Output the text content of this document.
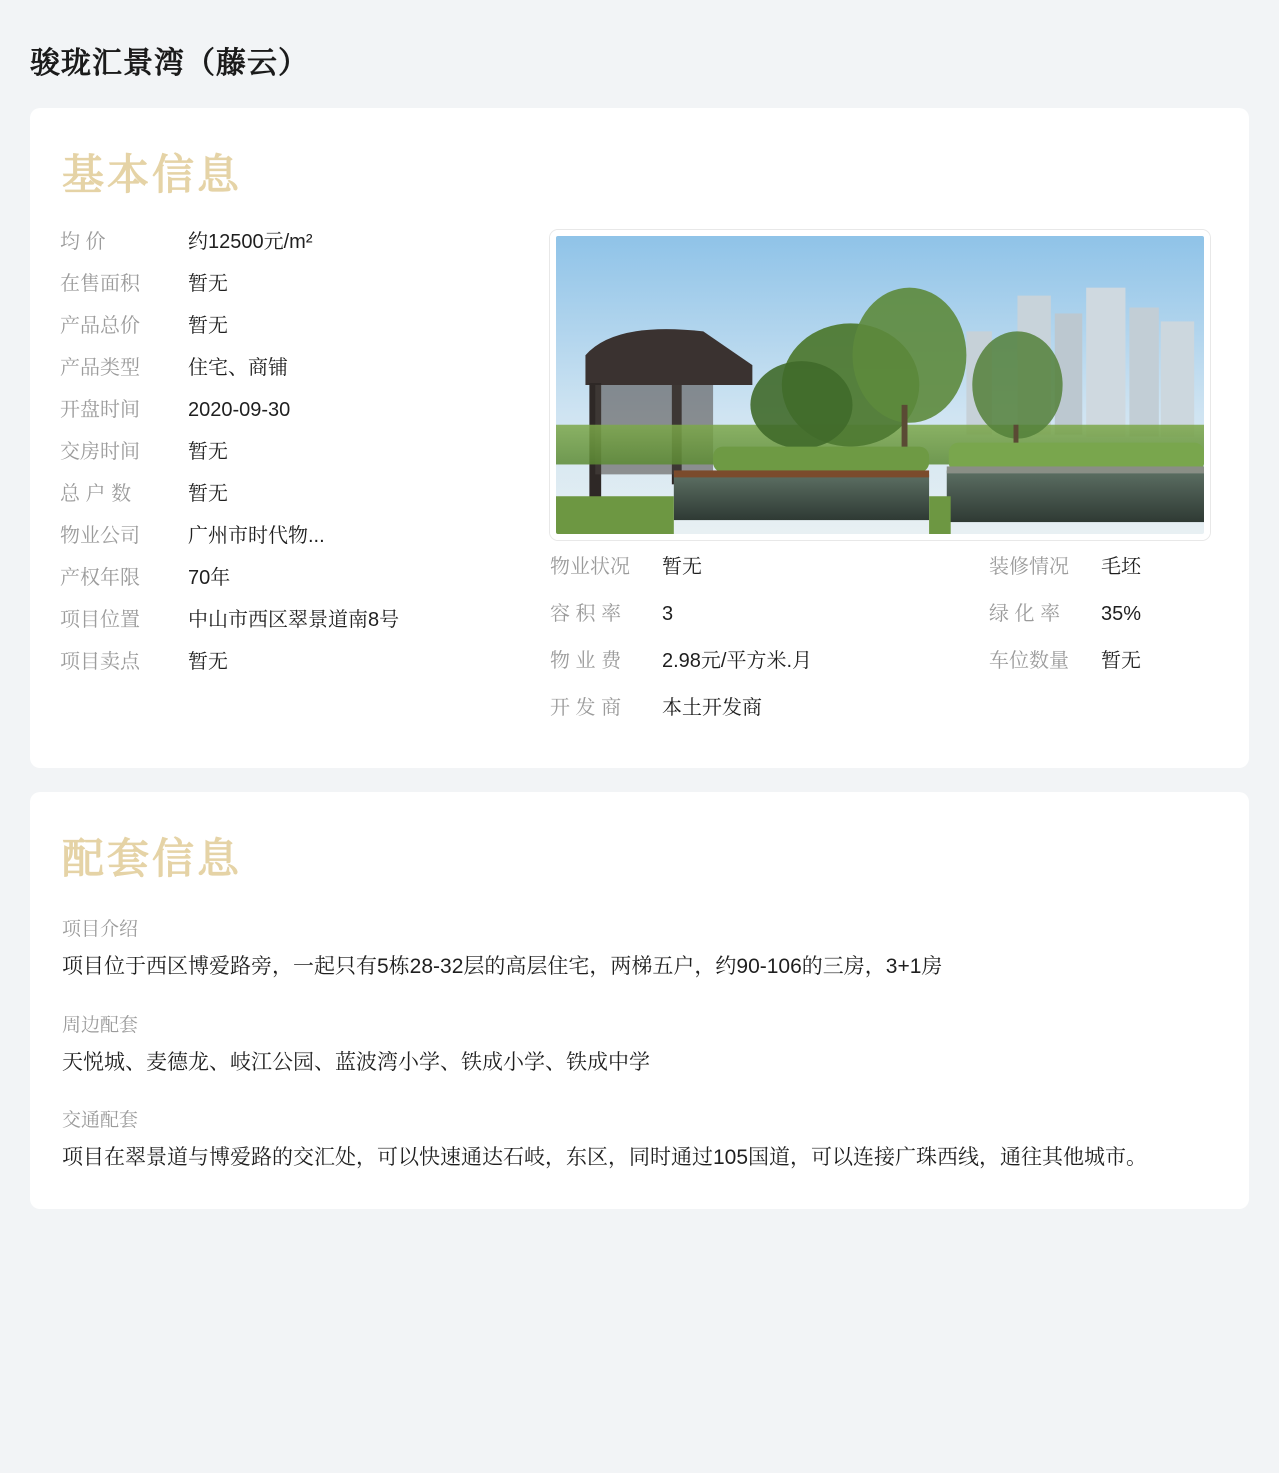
骏珑汇景湾（藤云）
基本信息
均 价	约12500元/m²
在售面积	暂无
产品总价	暂无
产品类型	住宅、商铺
开盘时间	2020-09-30
交房时间	暂无
总 户 数	暂无
物业公司	广州市时代物...
产权年限	70年
项目位置	中山市西区翠景道南8号
项目卖点	暂无
物业状况	暂无
容 积 率	3
物 业 费	2.98元/平方米.月
开 发 商	本土开发商
装修情况	毛坯
绿 化 率	35%
车位数量	暂无
配套信息
项目介绍

项目位于西区博爱路旁，一起只有5栋28-32层的高层住宅，两梯五户，约90-106的三房，3+1房

周边配套

天悦城、麦德龙、岐江公园、蓝波湾小学、铁成小学、铁成中学

交通配套

项目在翠景道与博爱路的交汇处，可以快速通达石岐，东区，同时通过105国道，可以连接广珠西线，通往其他城市。
